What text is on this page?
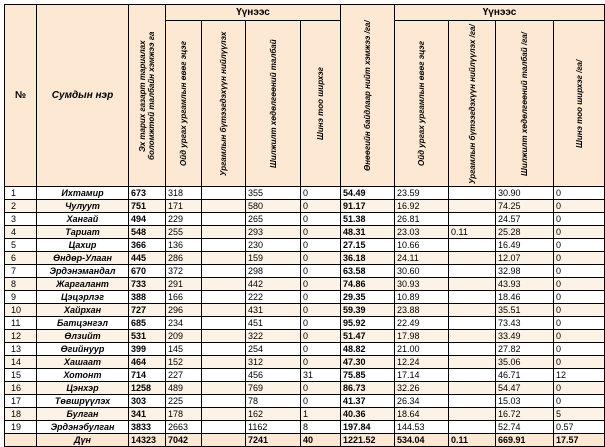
№	Сумдын нэр	Эх тарих газарт тариалах боломжтой талбайн хэмжээ га	Үүнээс				Өнөөгийн байдлаар нийт хэмжээ /га/	Үүнээс			

			Ойд ургах ургамлын өвөг эцэг	Ургамлын бүтээгдэхүүн нийлүүлэх	Шилжилт хөдөлгөөний талбай	Шинэ тоо ширхэг		Ойд ургах ургамлын өвөг эцэг	Ургамлын бүтээгдэхүүн нийлүүлэх /га/	Шилжилт хөдөлгөөний талбай /га/	Шинэ тоо ширхэг /га/

1	Ихтамир	673	318		355	0	54.49	23.59		30.90	0
2	Чулуут	751	171		580	0	91.17	16.92		74.25	0
3	Хангай	494	229		265	0	51.38	26.81		24.57	0
4	Тариат	548	255		293	0	48.31	23.03	0.11	25.28	0
5	Цахир	366	136		230	0	27.15	10.66		16.49	0
6	Өндөр-Улаан	445	286		159	0	36.18	24.11		12.07	0
7	Эрдэнэмандал	670	372		298	0	63.58	30.60		32.98	0
8	Жаргалант	733	291		442	0	74.86	30.93		43.93	0
9	Цэцэрлэг	388	166		222	0	29.35	10.89		18.46	0
10	Хайрхан	727	296		431	0	59.39	23.88		35.51	0
11	Батцэнгэл	685	234		451	0	95.92	22.49		73.43	0
12	Өлзийт	531	209		322	0	51.47	17.98		33.49	0
13	Өгийнуур	399	145		254	0	48.82	21.00		27.82	0
14	Хашаат	464	152		312	0	47.30	12.24		35.06	0
15	Хотонт	714	227		456	31	75.85	17.14		46.71	12
16	Цэнхэр	1258	489		769	0	86.73	32.26		54.47	0
17	Төвшрүүлэх	303	225		78	0	41.37	26.34		15.03	0
18	Булган	341	178		162	1	40.36	18.64		16.72	5
19	Эрдэнэбулган	3833	2663		1162	8	197.84	144.53		52.74	0.57
	Дүн	14323	7042		7241	40	1221.52	534.04	0.11	669.91	17.57
